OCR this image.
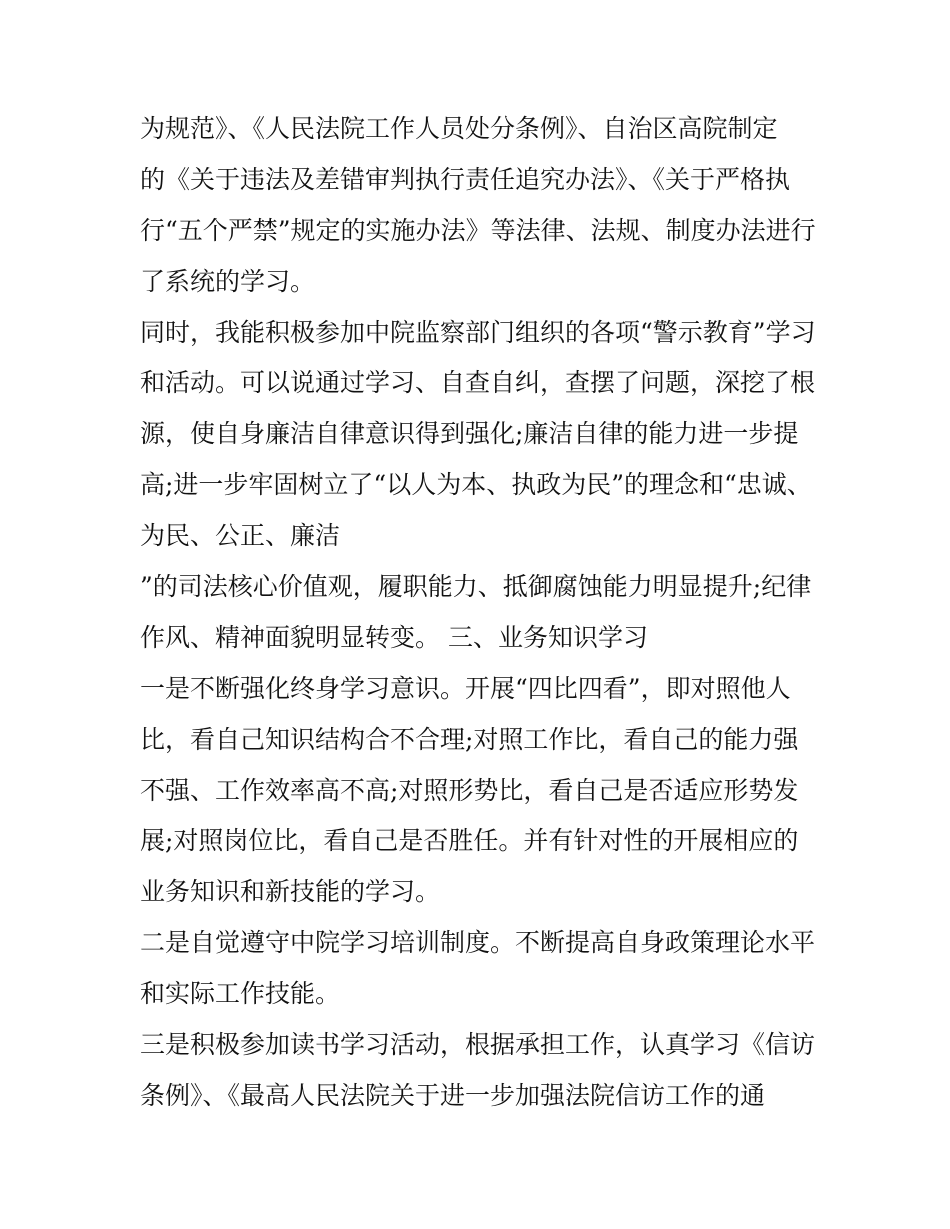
为规范》、《人民法院工作人员处分条例》、自治区高院制定
的《关于违法及差错审判执行责任追究办法》、《关于严格执
行“五个严禁”规定的实施办法》等法律、法规、制度办法进行
了系统的学习。
同时，我能积极参加中院监察部门组织的各项“警示教育”学习
和活动。可以说通过学习、自查自纠，查摆了问题，深挖了根
源，使自身廉洁自律意识得到强化;廉洁自律的能力进一步提
高;进一步牢固树立了“以人为本、执政为民”的理念和“忠诚、
为民、公正、廉洁
”的司法核心价值观，履职能力、抵御腐蚀能力明显提升;纪律
作风、精神面貌明显转变。 三、业务知识学习
一是不断强化终身学习意识。开展“四比四看”，即对照他人
比，看自己知识结构合不合理;对照工作比，看自己的能力强
不强、工作效率高不高;对照形势比，看自己是否适应形势发
展;对照岗位比，看自己是否胜任。并有针对性的开展相应的
业务知识和新技能的学习。
二是自觉遵守中院学习培训制度。不断提高自身政策理论水平
和实际工作技能。
三是积极参加读书学习活动，根据承担工作，认真学习《信访
条例》、《最高人民法院关于进一步加强法院信访工作的通
